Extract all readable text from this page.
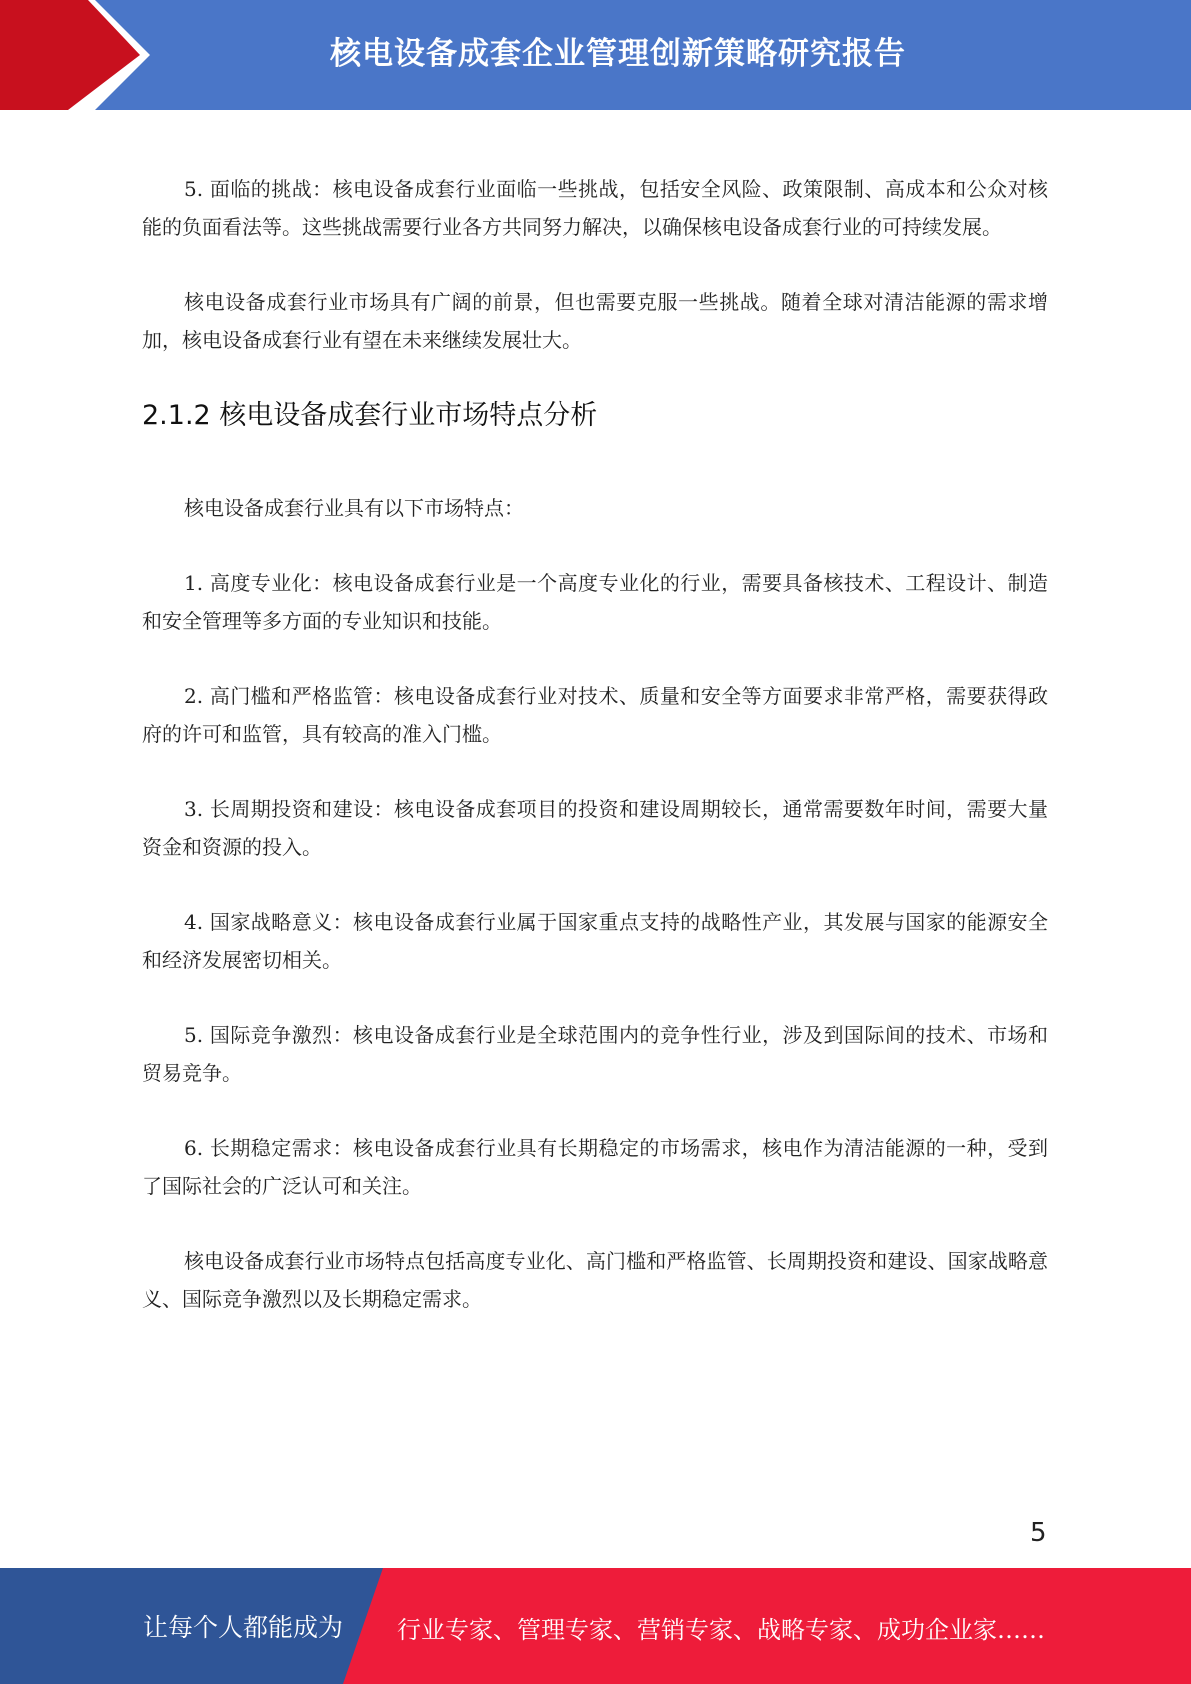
核电设备成套企业管理创新策略研究报告

5. 面临的挑战：核电设备成套行业面临一些挑战，包括安全风险、政策限制、高成本和公众对核能的负面看法等。这些挑战需要行业各方共同努力解决，以确保核电设备成套行业的可持续发展。

核电设备成套行业市场具有广阔的前景，但也需要克服一些挑战。随着全球对清洁能源的需求增加，核电设备成套行业有望在未来继续发展壮大。

2.1.2 核电设备成套行业市场特点分析

核电设备成套行业具有以下市场特点：

1. 高度专业化：核电设备成套行业是一个高度专业化的行业，需要具备核技术、工程设计、制造和安全管理等多方面的专业知识和技能。

2. 高门槛和严格监管：核电设备成套行业对技术、质量和安全等方面要求非常严格，需要获得政府的许可和监管，具有较高的准入门槛。

3. 长周期投资和建设：核电设备成套项目的投资和建设周期较长，通常需要数年时间，需要大量资金和资源的投入。

4. 国家战略意义：核电设备成套行业属于国家重点支持的战略性产业，其发展与国家的能源安全和经济发展密切相关。

5. 国际竞争激烈：核电设备成套行业是全球范围内的竞争性行业，涉及到国际间的技术、市场和贸易竞争。

6. 长期稳定需求：核电设备成套行业具有长期稳定的市场需求，核电作为清洁能源的一种，受到了国际社会的广泛认可和关注。

核电设备成套行业市场特点包括高度专业化、高门槛和严格监管、长周期投资和建设、国家战略意义、国际竞争激烈以及长期稳定需求。

5
让每个人都能成为 行业专家、管理专家、营销专家、战略专家、成功企业家……
